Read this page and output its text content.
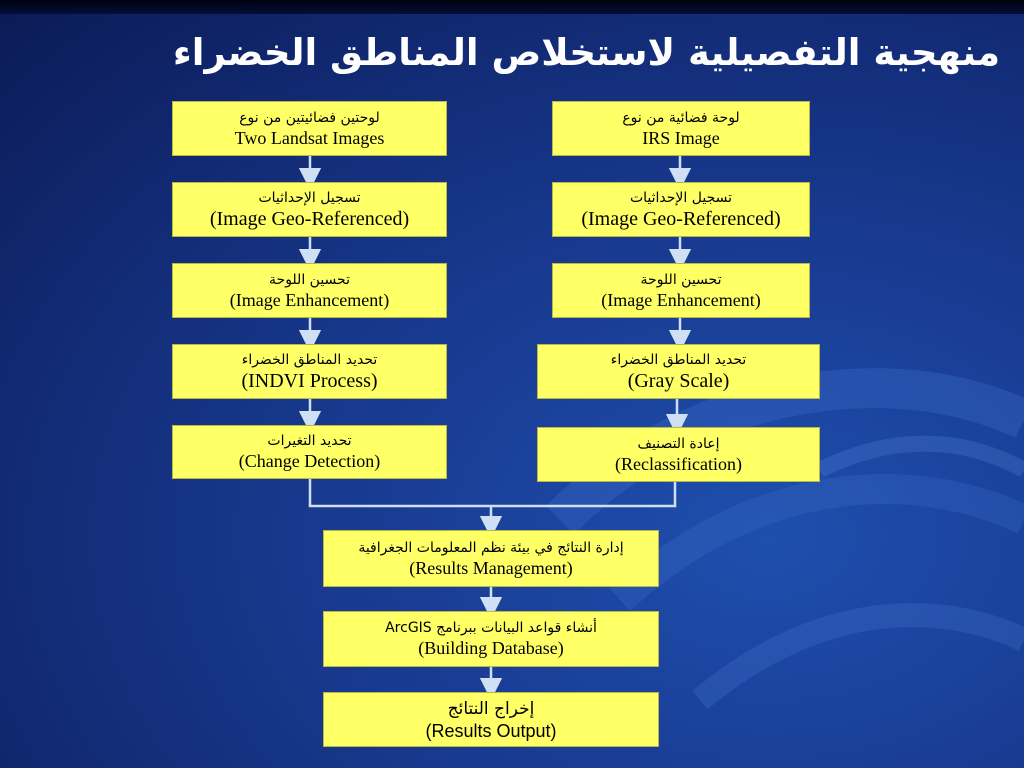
منهجية التفصيلية لاستخلاص المناطق الخضراء
لوحتين فضائيتين من نوع
Two Landsat Images
تسجيل الإحداثيات
(Image Geo-Referenced)
تحسين اللوحة
(Image Enhancement)
تحديد المناطق الخضراء
(INDVI Process)
تحديد التغيرات
(Change Detection)
لوحة فضائية من نوع
IRS Image
تسجيل الإحداثيات
(Image Geo-Referenced)
تحسين اللوحة
(Image Enhancement)
تحديد المناطق الخضراء
(Gray Scale)
إعادة التصنيف
(Reclassification)
إدارة النتائج في بيئة نظم المعلومات الجغرافية
(Results Management)
أنشاء قواعد البيانات ببرنامج ArcGIS
(Building Database)
إخراج النتائج
(Results Output)
